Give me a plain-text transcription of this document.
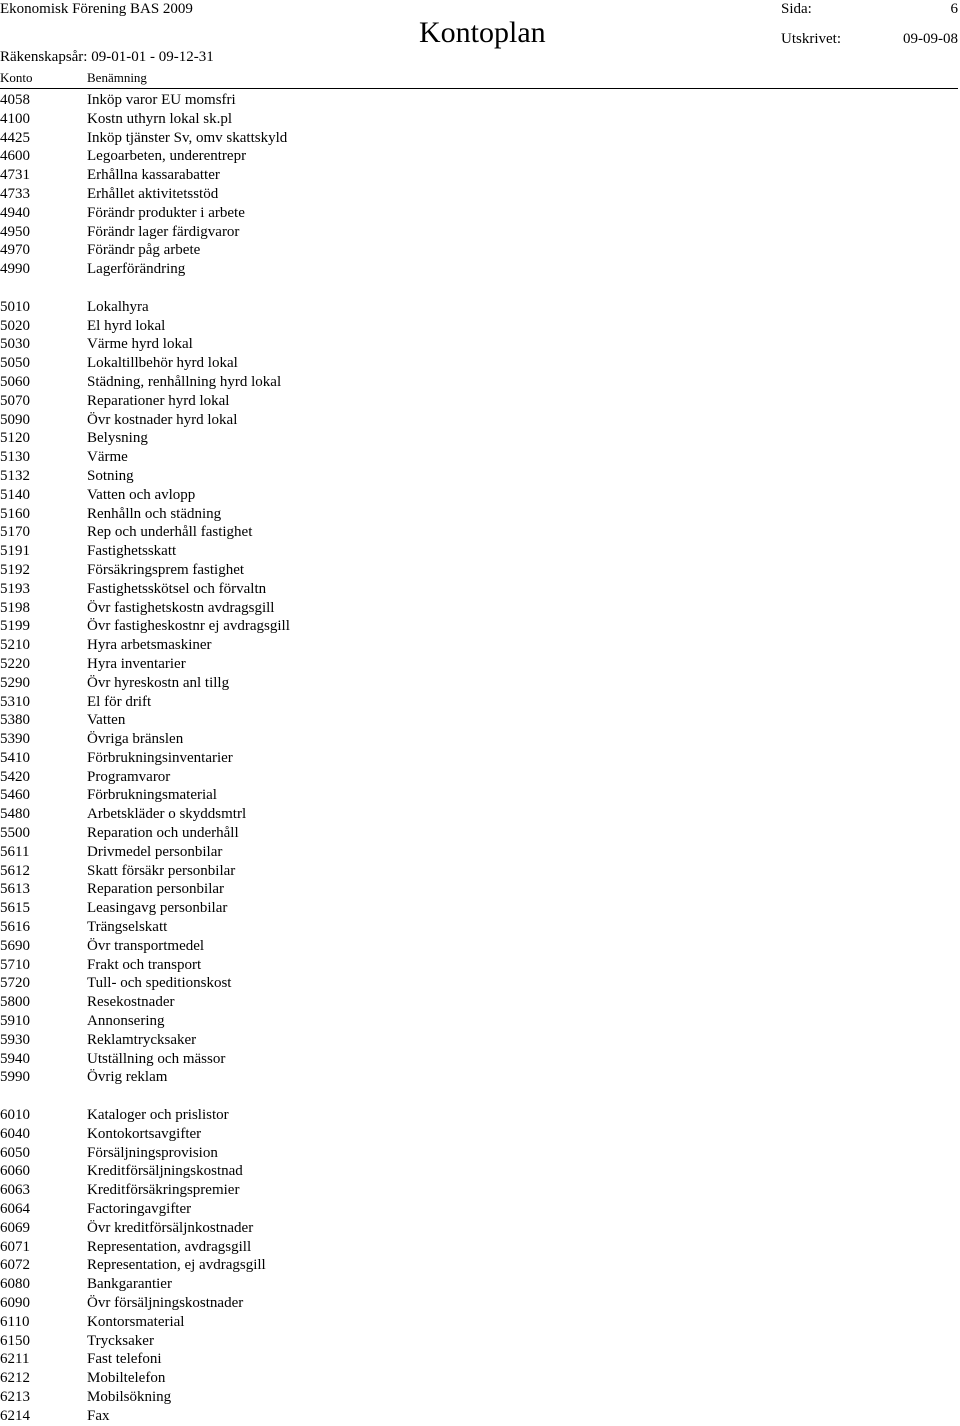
Ekonomisk Förening BAS 2009	Sida:	6
Kontoplan	Utskrivet:	09-09-08
Räkenskapsår: 09-01-01 - 09-12-31
Konto	Benämning
4058	Inköp varor EU momsfri
4100	Kostn uthyrn lokal sk.pl
4425	Inköp tjänster Sv, omv skattskyld
4600	Legoarbeten, underentrepr
4731	Erhållna kassarabatter
4733	Erhållet aktivitetsstöd
4940	Förändr produkter i arbete
4950	Förändr lager färdigvaror
4970	Förändr påg arbete
4990	Lagerförändring
5010	Lokalhyra
5020	El hyrd lokal
5030	Värme hyrd lokal
5050	Lokaltillbehör hyrd lokal
5060	Städning, renhållning hyrd lokal
5070	Reparationer hyrd lokal
5090	Övr kostnader hyrd lokal
5120	Belysning
5130	Värme
5132	Sotning
5140	Vatten och avlopp
5160	Renhålln och städning
5170	Rep och underhåll fastighet
5191	Fastighetsskatt
5192	Försäkringsprem fastighet
5193	Fastighetsskötsel och förvaltn
5198	Övr fastighetskostn avdragsgill
5199	Övr fastigheskostnr ej avdragsgill
5210	Hyra arbetsmaskiner
5220	Hyra inventarier
5290	Övr hyreskostn anl tillg
5310	El för drift
5380	Vatten
5390	Övriga bränslen
5410	Förbrukningsinventarier
5420	Programvaror
5460	Förbrukningsmaterial
5480	Arbetskläder o skyddsmtrl
5500	Reparation och underhåll
5611	Drivmedel personbilar
5612	Skatt försäkr personbilar
5613	Reparation personbilar
5615	Leasingavg personbilar
5616	Trängselskatt
5690	Övr transportmedel
5710	Frakt och transport
5720	Tull- och speditionskost
5800	Resekostnader
5910	Annonsering
5930	Reklamtrycksaker
5940	Utställning och mässor
5990	Övrig reklam
6010	Kataloger och prislistor
6040	Kontokortsavgifter
6050	Försäljningsprovision
6060	Kreditförsäljningskostnad
6063	Kreditförsäkringspremier
6064	Factoringavgifter
6069	Övr kreditförsäljnkostnader
6071	Representation, avdragsgill
6072	Representation, ej avdragsgill
6080	Bankgarantier
6090	Övr försäljningskostnader
6110	Kontorsmaterial
6150	Trycksaker
6211	Fast telefoni
6212	Mobiltelefon
6213	Mobilsökning
6214	Fax
